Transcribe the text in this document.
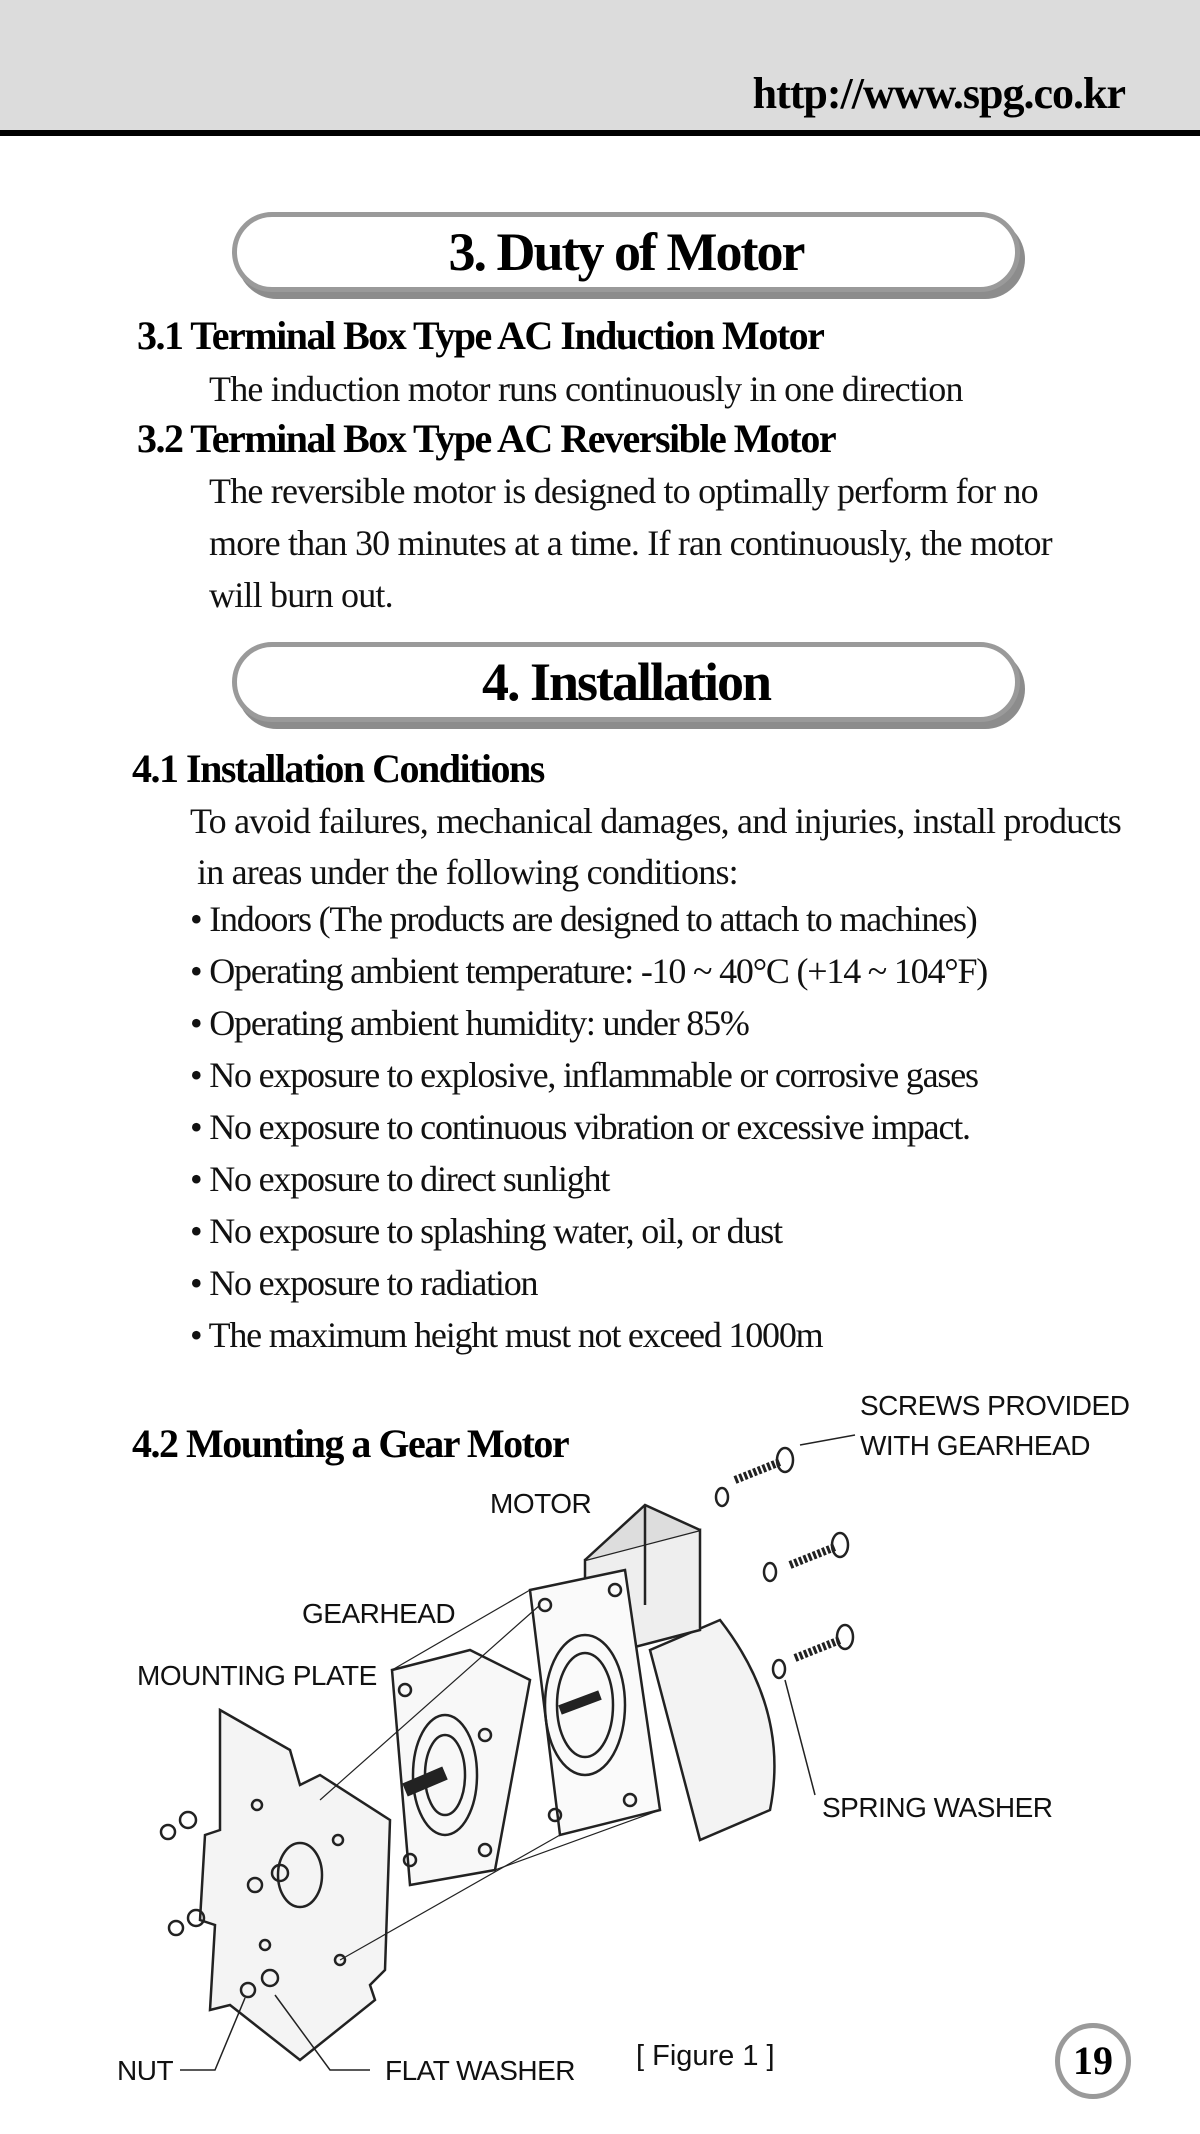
http://www.spg.co.kr
3. Duty of Motor
3.1 Terminal Box Type AC Induction Motor
The induction motor runs continuously in one direction
3.2 Terminal Box Type AC Reversible Motor
The reversible motor is designed to optimally perform for no
more than 30 minutes at a time. If ran continuously, the motor
will burn out.
4. Installation
4.1 Installation Conditions
To avoid failures, mechanical damages, and injuries, install products
in areas under the following conditions:
• Indoors (The products are designed to attach to machines)
• Operating ambient temperature: -10 ~ 40°C (+14 ~ 104°F)
• Operating ambient humidity: under 85%
• No exposure to explosive, inflammable or corrosive gases
• No exposure to continuous vibration or excessive impact.
• No exposure to direct sunlight
• No exposure to splashing water, oil, or dust
• No exposure to radiation
• The maximum height must not exceed 1000m
4.2 Mounting a Gear Motor
SCREWS PROVIDED
WITH GEARHEAD
MOTOR
GEARHEAD
MOUNTING PLATE
SPRING WASHER
NUT	FLAT WASHER [ Figure 1 ]	19
